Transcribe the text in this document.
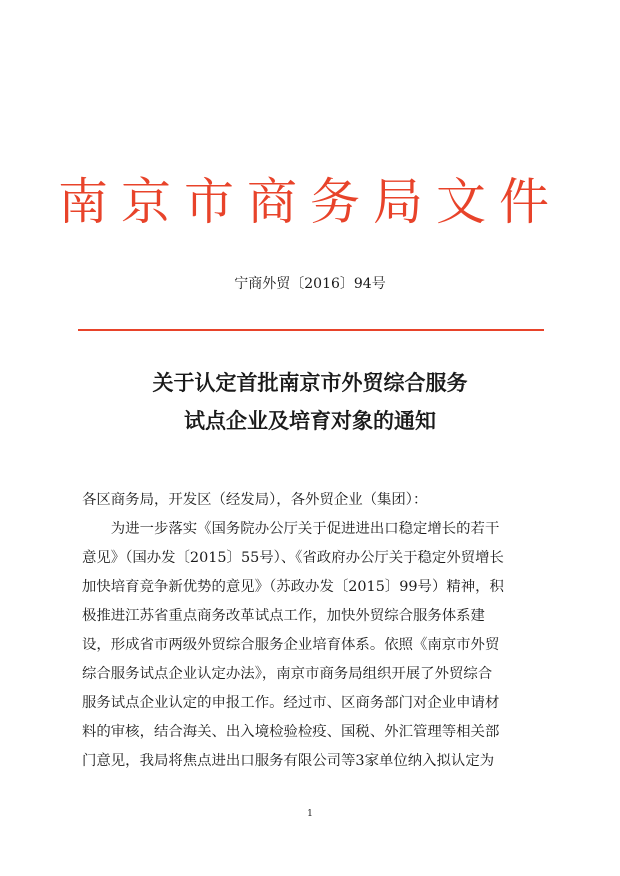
南京市商务局文件
宁商外贸〔2016〕94号
关于认定首批南京市外贸综合服务
试点企业及培育对象的通知
各区商务局，开发区（经发局），各外贸企业（集团）：
　　为进一步落实《国务院办公厅关于促进进出口稳定增长的若干
意见》（国办发〔2015〕55号）、《省政府办公厅关于稳定外贸增长
加快培育竞争新优势的意见》（苏政办发〔2015〕99号）精神，积
极推进江苏省重点商务改革试点工作，加快外贸综合服务体系建
设，形成省市两级外贸综合服务企业培育体系。依照《南京市外贸
综合服务试点企业认定办法》，南京市商务局组织开展了外贸综合
服务试点企业认定的申报工作。经过市、区商务部门对企业申请材
料的审核，结合海关、出入境检验检疫、国税、外汇管理等相关部
门意见，我局将焦点进出口服务有限公司等3家单位纳入拟认定为
1
